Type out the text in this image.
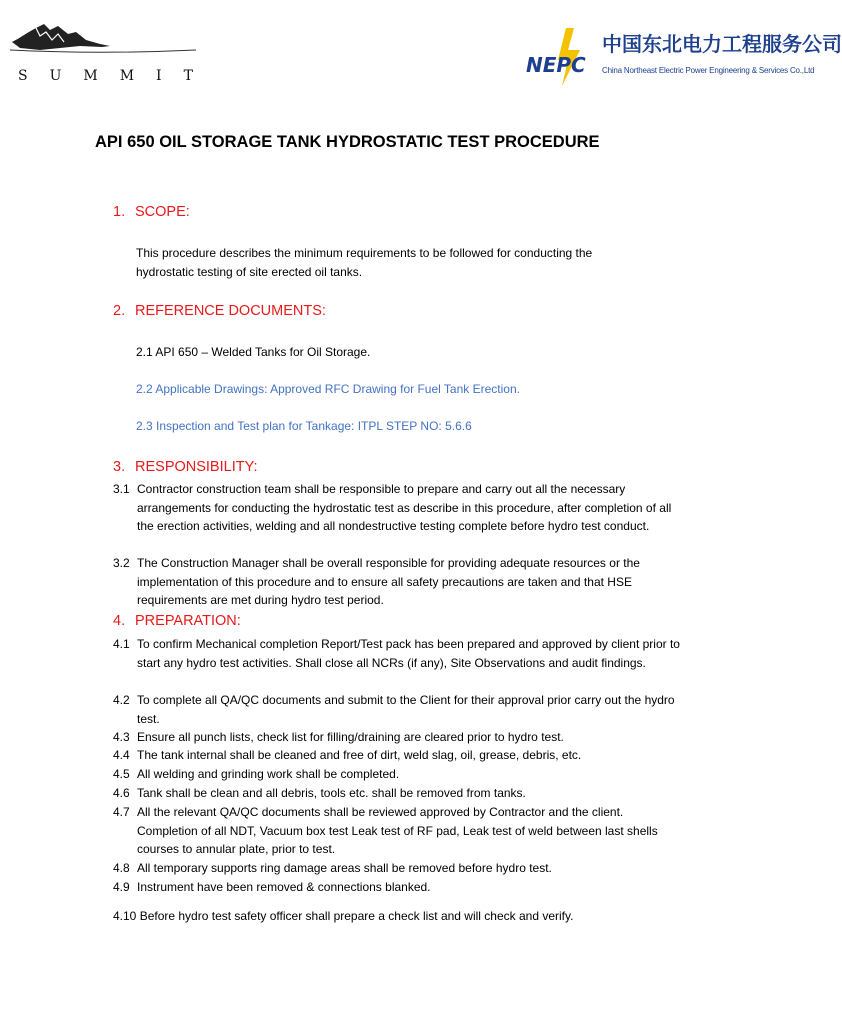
SUMMIT	NEPC
中国东北电力工程服务公司
China Northeast Electric Power Engineering & Services Co.,Ltd
API 650 OIL STORAGE TANK HYDROSTATIC TEST PROCEDURE
1. SCOPE:
This procedure describes the minimum requirements to be followed for conducting the hydrostatic testing of site erected oil tanks.
2. REFERENCE DOCUMENTS:
2.1 API 650 – Welded Tanks for Oil Storage.
2.2 Applicable Drawings: Approved RFC Drawing for Fuel Tank Erection.
2.3 Inspection and Test plan for Tankage: ITPL STEP NO: 5.6.6
3. RESPONSIBILITY:
3.1 Contractor construction team shall be responsible to prepare and carry out all the necessary arrangements for conducting the hydrostatic test as describe in this procedure, after completion of all the erection activities, welding and all nondestructive testing complete before hydro test conduct.
3.2 The Construction Manager shall be overall responsible for providing adequate resources or the implementation of this procedure and to ensure all safety precautions are taken and that HSE requirements are met during hydro test period.
4. PREPARATION:
4.1 To confirm Mechanical completion Report/Test pack has been prepared and approved by client prior to start any hydro test activities. Shall close all NCRs (if any), Site Observations and audit findings.
4.2 To complete all QA/QC documents and submit to the Client for their approval prior carry out the hydro test.
4.3 Ensure all punch lists, check list for filling/draining are cleared prior to hydro test.
4.4 The tank internal shall be cleaned and free of dirt, weld slag, oil, grease, debris, etc.
4.5 All welding and grinding work shall be completed.
4.6 Tank shall be clean and all debris, tools etc. shall be removed from tanks.
4.7 All the relevant QA/QC documents shall be reviewed approved by Contractor and the client. Completion of all NDT, Vacuum box test Leak test of RF pad, Leak test of weld between last shells courses to annular plate, prior to test.
4.8 All temporary supports ring damage areas shall be removed before hydro test.
4.9 Instrument have been removed & connections blanked.
4.10 Before hydro test safety officer shall prepare a check list and will check and verify.
